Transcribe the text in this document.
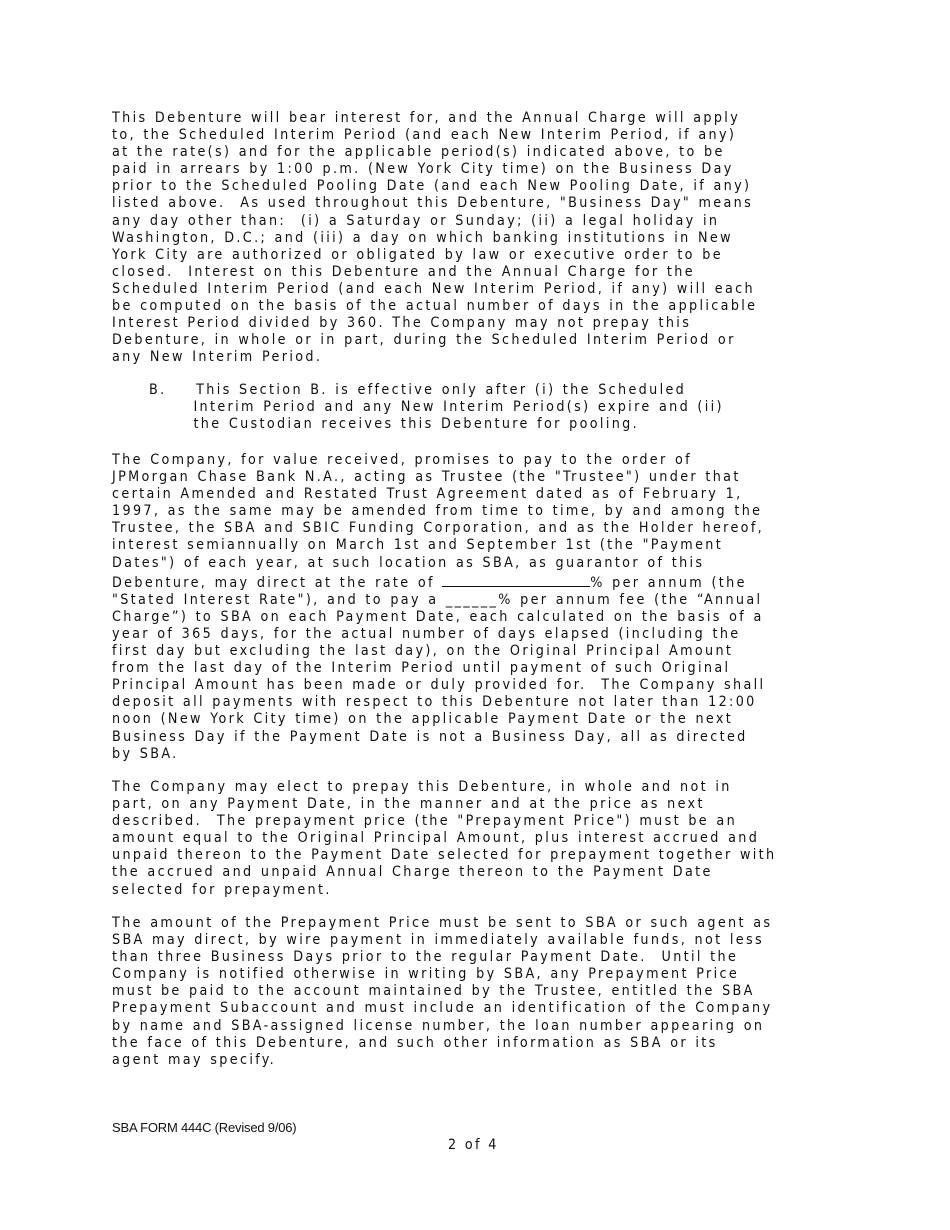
This Debenture will bear interest for, and the Annual Charge will apply
to, the Scheduled Interim Period (and each New Interim Period, if any)
at the rate(s) and for the applicable period(s) indicated above, to be
paid in arrears by 1:00 p.m. (New York City time) on the Business Day
prior to the Scheduled Pooling Date (and each New Pooling Date, if any)
listed above.  As used throughout this Debenture, "Business Day" means
any day other than:  (i) a Saturday or Sunday; (ii) a legal holiday in
Washington, D.C.; and (iii) a day on which banking institutions in New
York City are authorized or obligated by law or executive order to be
closed.  Interest on this Debenture and the Annual Charge for the
Scheduled Interim Period (and each New Interim Period, if any) will each
be computed on the basis of the actual number of days in the applicable
Interest Period divided by 360. The Company may not prepay this
Debenture, in whole or in part, during the Scheduled Interim Period or
any New Interim Period.

B.    This Section B. is effective only after (i) the Scheduled
Interim Period and any New Interim Period(s) expire and (ii)
the Custodian receives this Debenture for pooling.

The Company, for value received, promises to pay to the order of
JPMorgan Chase Bank N.A., acting as Trustee (the "Trustee") under that
certain Amended and Restated Trust Agreement dated as of February 1,
1997, as the same may be amended from time to time, by and among the
Trustee, the SBA and SBIC Funding Corporation, and as the Holder hereof,
interest semiannually on March 1st and September 1st (the "Payment
Dates") of each year, at such location as SBA, as guarantor of this
Debenture, may direct at the rate of	% per annum (the
"Stated Interest Rate"), and to pay a ______% per annum fee (the “Annual
Charge”) to SBA on each Payment Date, each calculated on the basis of a
year of 365 days, for the actual number of days elapsed (including the
first day but excluding the last day), on the Original Principal Amount
from the last day of the Interim Period until payment of such Original
Principal Amount has been made or duly provided for.  The Company shall
deposit all payments with respect to this Debenture not later than 12:00
noon (New York City time) on the applicable Payment Date or the next
Business Day if the Payment Date is not a Business Day, all as directed
by SBA.

The Company may elect to prepay this Debenture, in whole and not in
part, on any Payment Date, in the manner and at the price as next
described.  The prepayment price (the "Prepayment Price") must be an
amount equal to the Original Principal Amount, plus interest accrued and
unpaid thereon to the Payment Date selected for prepayment together with
the accrued and unpaid Annual Charge thereon to the Payment Date
selected for prepayment.

The amount of the Prepayment Price must be sent to SBA or such agent as
SBA may direct, by wire payment in immediately available funds, not less
than three Business Days prior to the regular Payment Date.  Until the
Company is notified otherwise in writing by SBA, any Prepayment Price
must be paid to the account maintained by the Trustee, entitled the SBA
Prepayment Subaccount and must include an identification of the Company
by name and SBA-assigned license number, the loan number appearing on
the face of this Debenture, and such other information as SBA or its
agent may specify.

SBA FORM 444C (Revised 9/06)
2 of 4
